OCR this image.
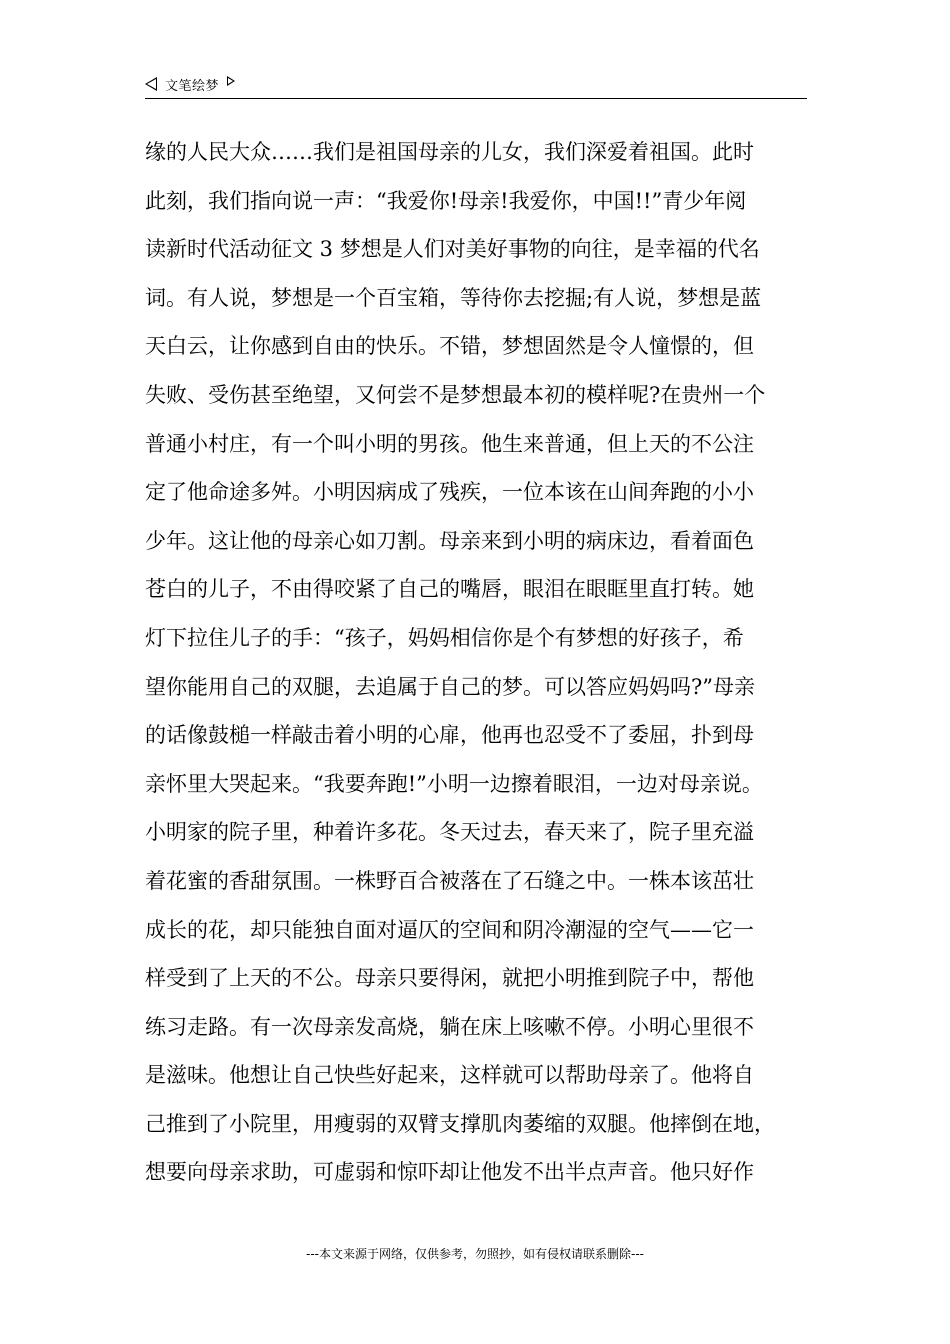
文笔绘梦
缘的人民大众……我们是祖国母亲的儿女，我们深爱着祖国。此时
此刻，我们指向说一声：“我爱你!母亲!我爱你，中国!!”青少年阅
读新时代活动征文 3 梦想是人们对美好事物的向往，是幸福的代名
词。有人说，梦想是一个百宝箱，等待你去挖掘;有人说，梦想是蓝
天白云，让你感到自由的快乐。不错，梦想固然是令人憧憬的，但
失败、受伤甚至绝望，又何尝不是梦想最本初的模样呢?在贵州一个
普通小村庄，有一个叫小明的男孩。他生来普通，但上天的不公注
定了他命途多舛。小明因病成了残疾，一位本该在山间奔跑的小小
少年。这让他的母亲心如刀割。母亲来到小明的病床边，看着面色
苍白的儿子，不由得咬紧了自己的嘴唇，眼泪在眼眶里直打转。她
灯下拉住儿子的手：“孩子，妈妈相信你是个有梦想的好孩子，希
望你能用自己的双腿，去追属于自己的梦。可以答应妈妈吗?”母亲
的话像鼓槌一样敲击着小明的心扉，他再也忍受不了委屈，扑到母
亲怀里大哭起来。“我要奔跑!”小明一边擦着眼泪，一边对母亲说。
小明家的院子里，种着许多花。冬天过去，春天来了，院子里充溢
着花蜜的香甜氛围。一株野百合被落在了石缝之中。一株本该茁壮
成长的花，却只能独自面对逼仄的空间和阴冷潮湿的空气——它一
样受到了上天的不公。母亲只要得闲，就把小明推到院子中，帮他
练习走路。有一次母亲发高烧，躺在床上咳嗽不停。小明心里很不
是滋味。他想让自己快些好起来，这样就可以帮助母亲了。他将自
己推到了小院里，用瘦弱的双臂支撑肌肉萎缩的双腿。他摔倒在地，
想要向母亲求助，可虚弱和惊吓却让他发不出半点声音。他只好作
---本文来源于网络，仅供参考，勿照抄，如有侵权请联系删除---
